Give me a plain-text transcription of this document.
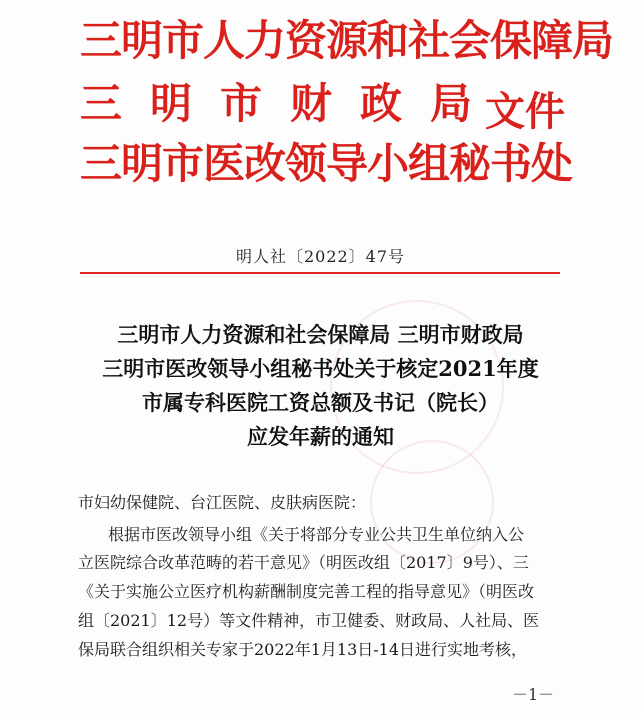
三明市人力资源和社会保障局
三 明 市 财 政 局
三明市医改领导小组秘书处
文件
明人社〔2022〕47号
三明市人力资源和社会保障局 三明市财政局
三明市医改领导小组秘书处关于核定2021年度
市属专科医院工资总额及书记（院长）
应发年薪的通知
市妇幼保健院、台江医院、皮肤病医院：
根据市医改领导小组《关于将部分专业公共卫生单位纳入公
立医院综合改革范畴的若干意见》（明医改组〔2017〕9号）、三
《关于实施公立医疗机构薪酬制度完善工程的指导意见》（明医改
组〔2021〕12号）等文件精神，市卫健委、财政局、人社局、医
保局联合组织相关专家于2022年1月13日-14日进行实地考核，
－1－
